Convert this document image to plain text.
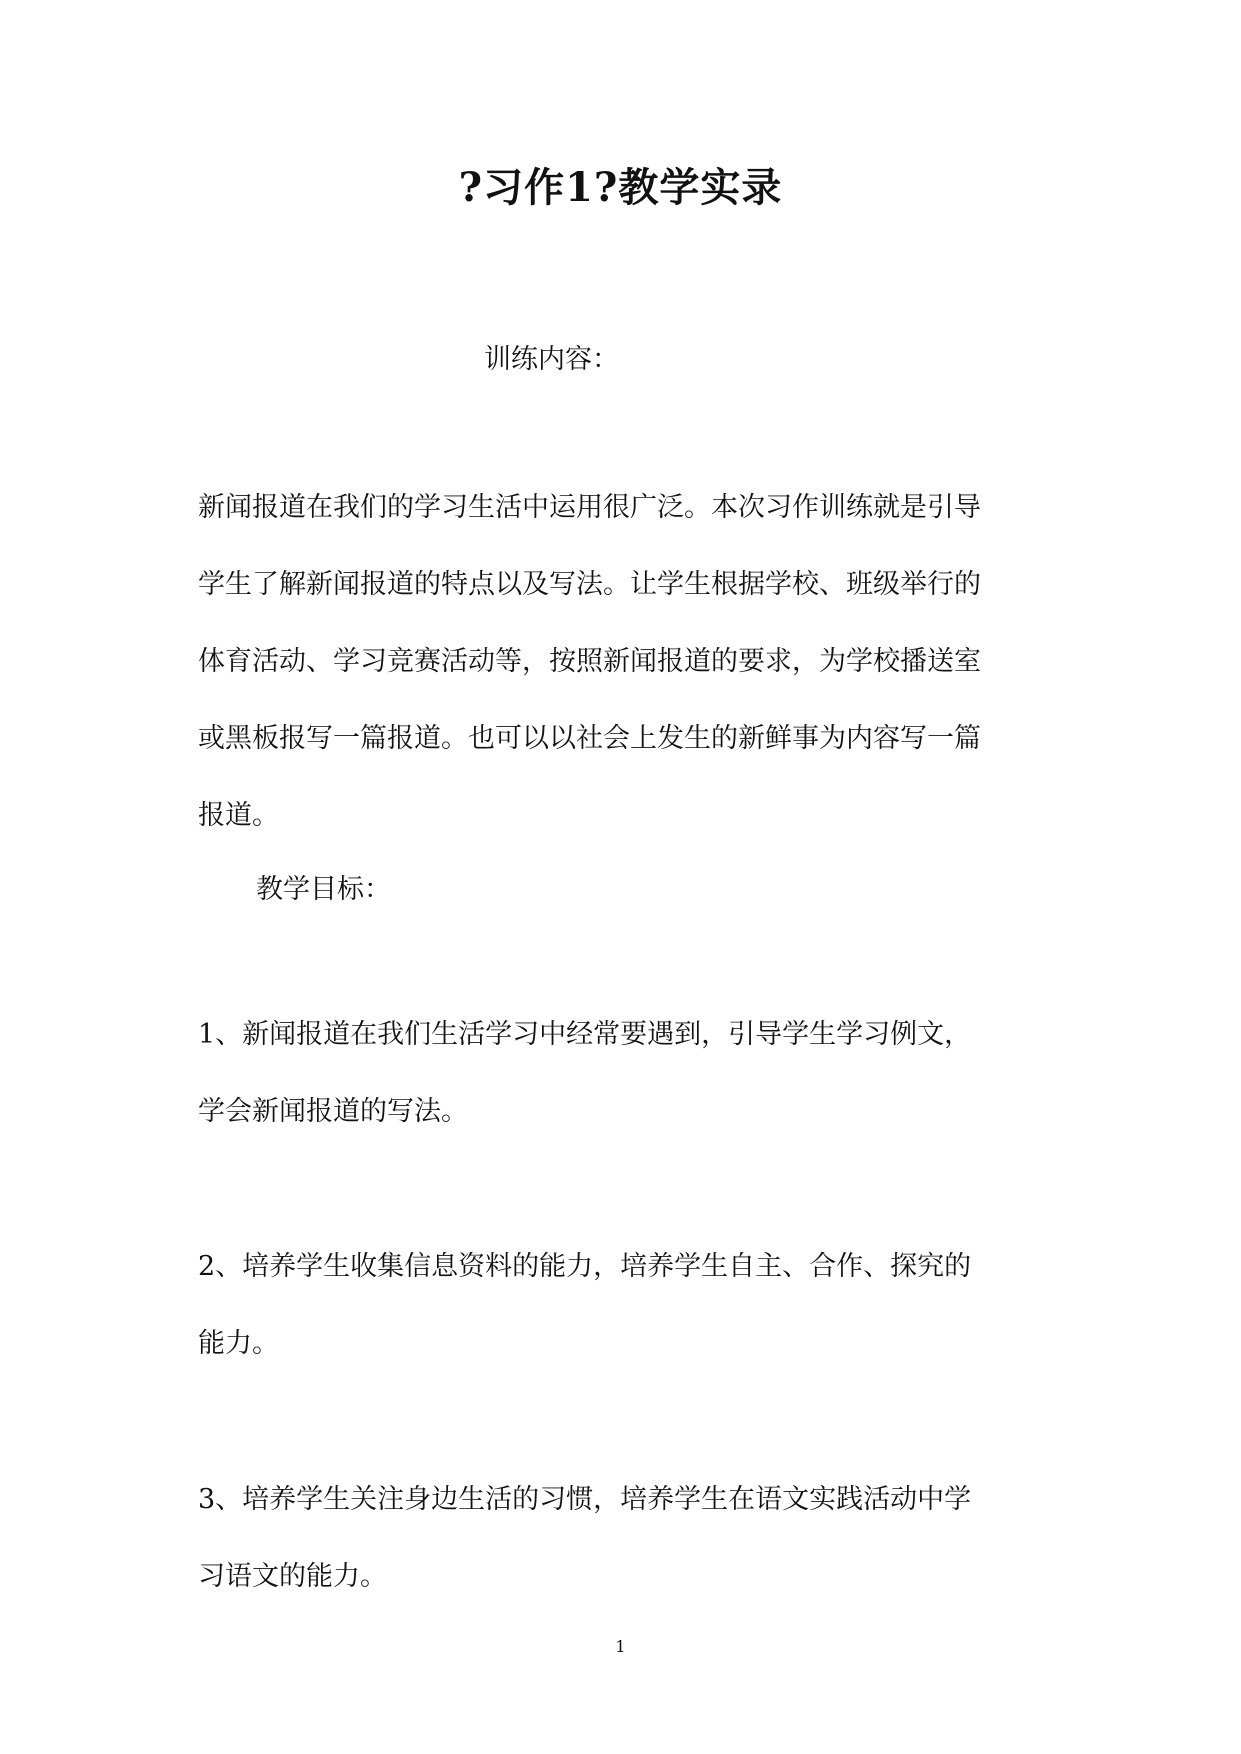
?习作1?教学实录
训练内容：
新闻报道在我们的学习生活中运用很广泛。本次习作训练就是引导
学生了解新闻报道的特点以及写法。让学生根据学校、班级举行的
体育活动、学习竞赛活动等，按照新闻报道的要求，为学校播送室
或黑板报写一篇报道。也可以以社会上发生的新鲜事为内容写一篇
报道。
教学目标：
1、新闻报道在我们生活学习中经常要遇到，引导学生学习例文，
学会新闻报道的写法。
2、培养学生收集信息资料的能力，培养学生自主、合作、探究的
能力。
3、培养学生关注身边生活的习惯，培养学生在语文实践活动中学
习语文的能力。
1
